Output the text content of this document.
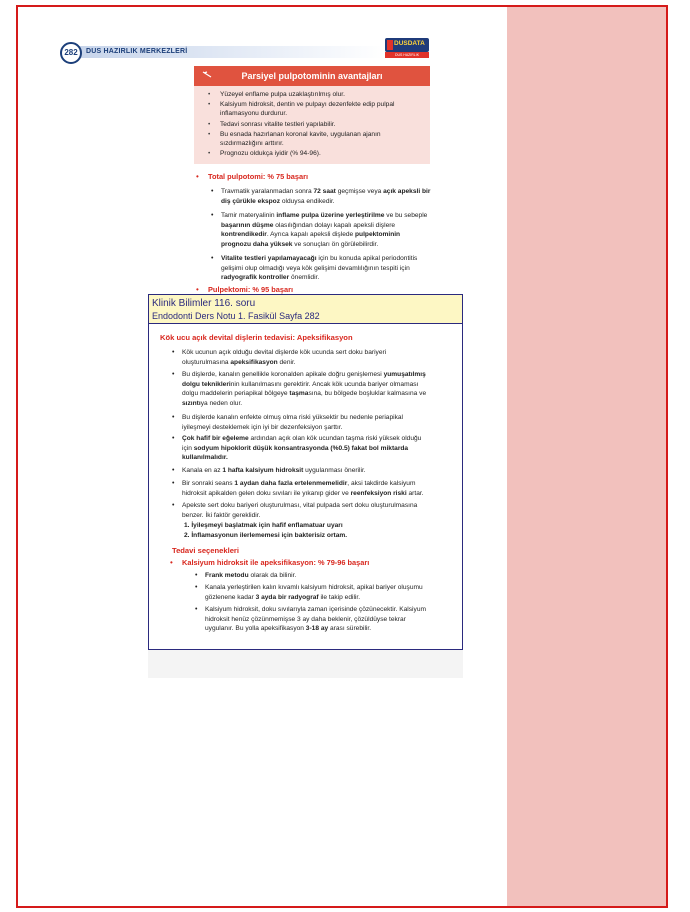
DUS HAZIRLIK MERKEZLERİ
282
DUSDATA
DUS HAZIRLIK MERKEZLERİ
Parsiyel pulpotominin avantajları
• Yüzeyel enflame pulpa uzaklaştırılmış olur.
• Kalsiyum hidroksit, dentin ve pulpayı dezenfekte edip pulpal inflamasyonu durdurur.
• Tedavi sonrası vitalite testleri yapılabilir.
• Bu esnada hazırlanan koronal kavite, uygulanan ajanın sızdırmazlığını arttırır.
• Prognozu oldukça iyidir (% 94-96).
• Total pulpotomi: % 75 başarı
• Travmatik yaralanmadan sonra 72 saat geçmişse veya açık apeksli bir diş çürükle ekspoz olduysa endikedir.
• Tamir materyalinin inflame pulpa üzerine yerleştirilme ve bu sebeple başarının düşme olasılığından dolayı kapalı apeksli dişlere kontrendikedir. Ayrıca kapalı apeksli dişlede pulpektominin prognozu daha yüksek ve sonuçları ön görülebilirdir.
• Vitalite testleri yapılamayacağı için bu konuda apikal periodontitis gelişimi olup olmadığı veya kök gelişimi devamlılığının tespiti için radyografik kontroller önemlidir.
• Pulpektomi: % 95 başarı
Klinik Bilimler 116. soru
Endodonti Ders Notu 1. Fasikül Sayfa 282
Kök ucu açık devital dişlerin tedavisi: Apeksifikasyon
• Kök ucunun açık olduğu devital dişlerde kök ucunda sert doku bariyeri oluşturulmasına apeksifikasyon denir.
• Bu dişlerde, kanalın genellikle koronalden apikale doğru genişlemesi yumuşatılmış dolgu tekniklerinin kullanılmasını gerektirir. Ancak kök ucunda bariyer olmaması dolgu maddelerin periapikal bölgeye taşmasına, bu bölgede boşluklar kalmasına ve sızıntıya neden olur.
• Bu dişlerde kanalın enfekte olmuş olma riski yüksektir bu nedenle periapikal iyileşmeyi desteklemek için iyi bir dezenfeksiyon şarttır.
• Çok hafif bir eğeleme ardından açık olan kök ucundan taşma riski yüksek olduğu için sodyum hipoklorit düşük konsantrasyonda (%0.5) fakat bol miktarda kullanılmalıdır.
• Kanala en az 1 hafta kalsiyum hidroksit uygulanması önerilir.
• Bir sonraki seans 1 aydan daha fazla ertelenmemelidir, aksi takdirde kalsiyum hidroksit apikalden gelen doku sıvıları ile yıkanıp gider ve reenfeksiyon riski artar.
• Apekste sert doku bariyeri oluşturulması, vital pulpada sert doku oluşturulmasına benzer. İki faktör gereklidir.
1. İyileşmeyi başlatmak için hafif enflamatuar uyarı
2. İnflamasyonun ilerlememesi için bakterisiz ortam.
Tedavi seçenekleri
• Kalsiyum hidroksit ile apeksifikasyon: % 79-96 başarı
• Frank metodu olarak da bilinir.
• Kanala yerleştirilen kalın kıvamlı kalsiyum hidroksit, apikal bariyer oluşumu gözlenene kadar 3 ayda bir radyograf ile takip edilir.
• Kalsiyum hidroksit, doku sıvılarıyla zaman içerisinde çözünecektir. Kalsiyum hidroksit henüz çözünmemişse 3 ay daha beklenir, çözüldüyse tekrar uygulanır. Bu yolla apeksifikasyon 3-18 ay arası sürebilir.
